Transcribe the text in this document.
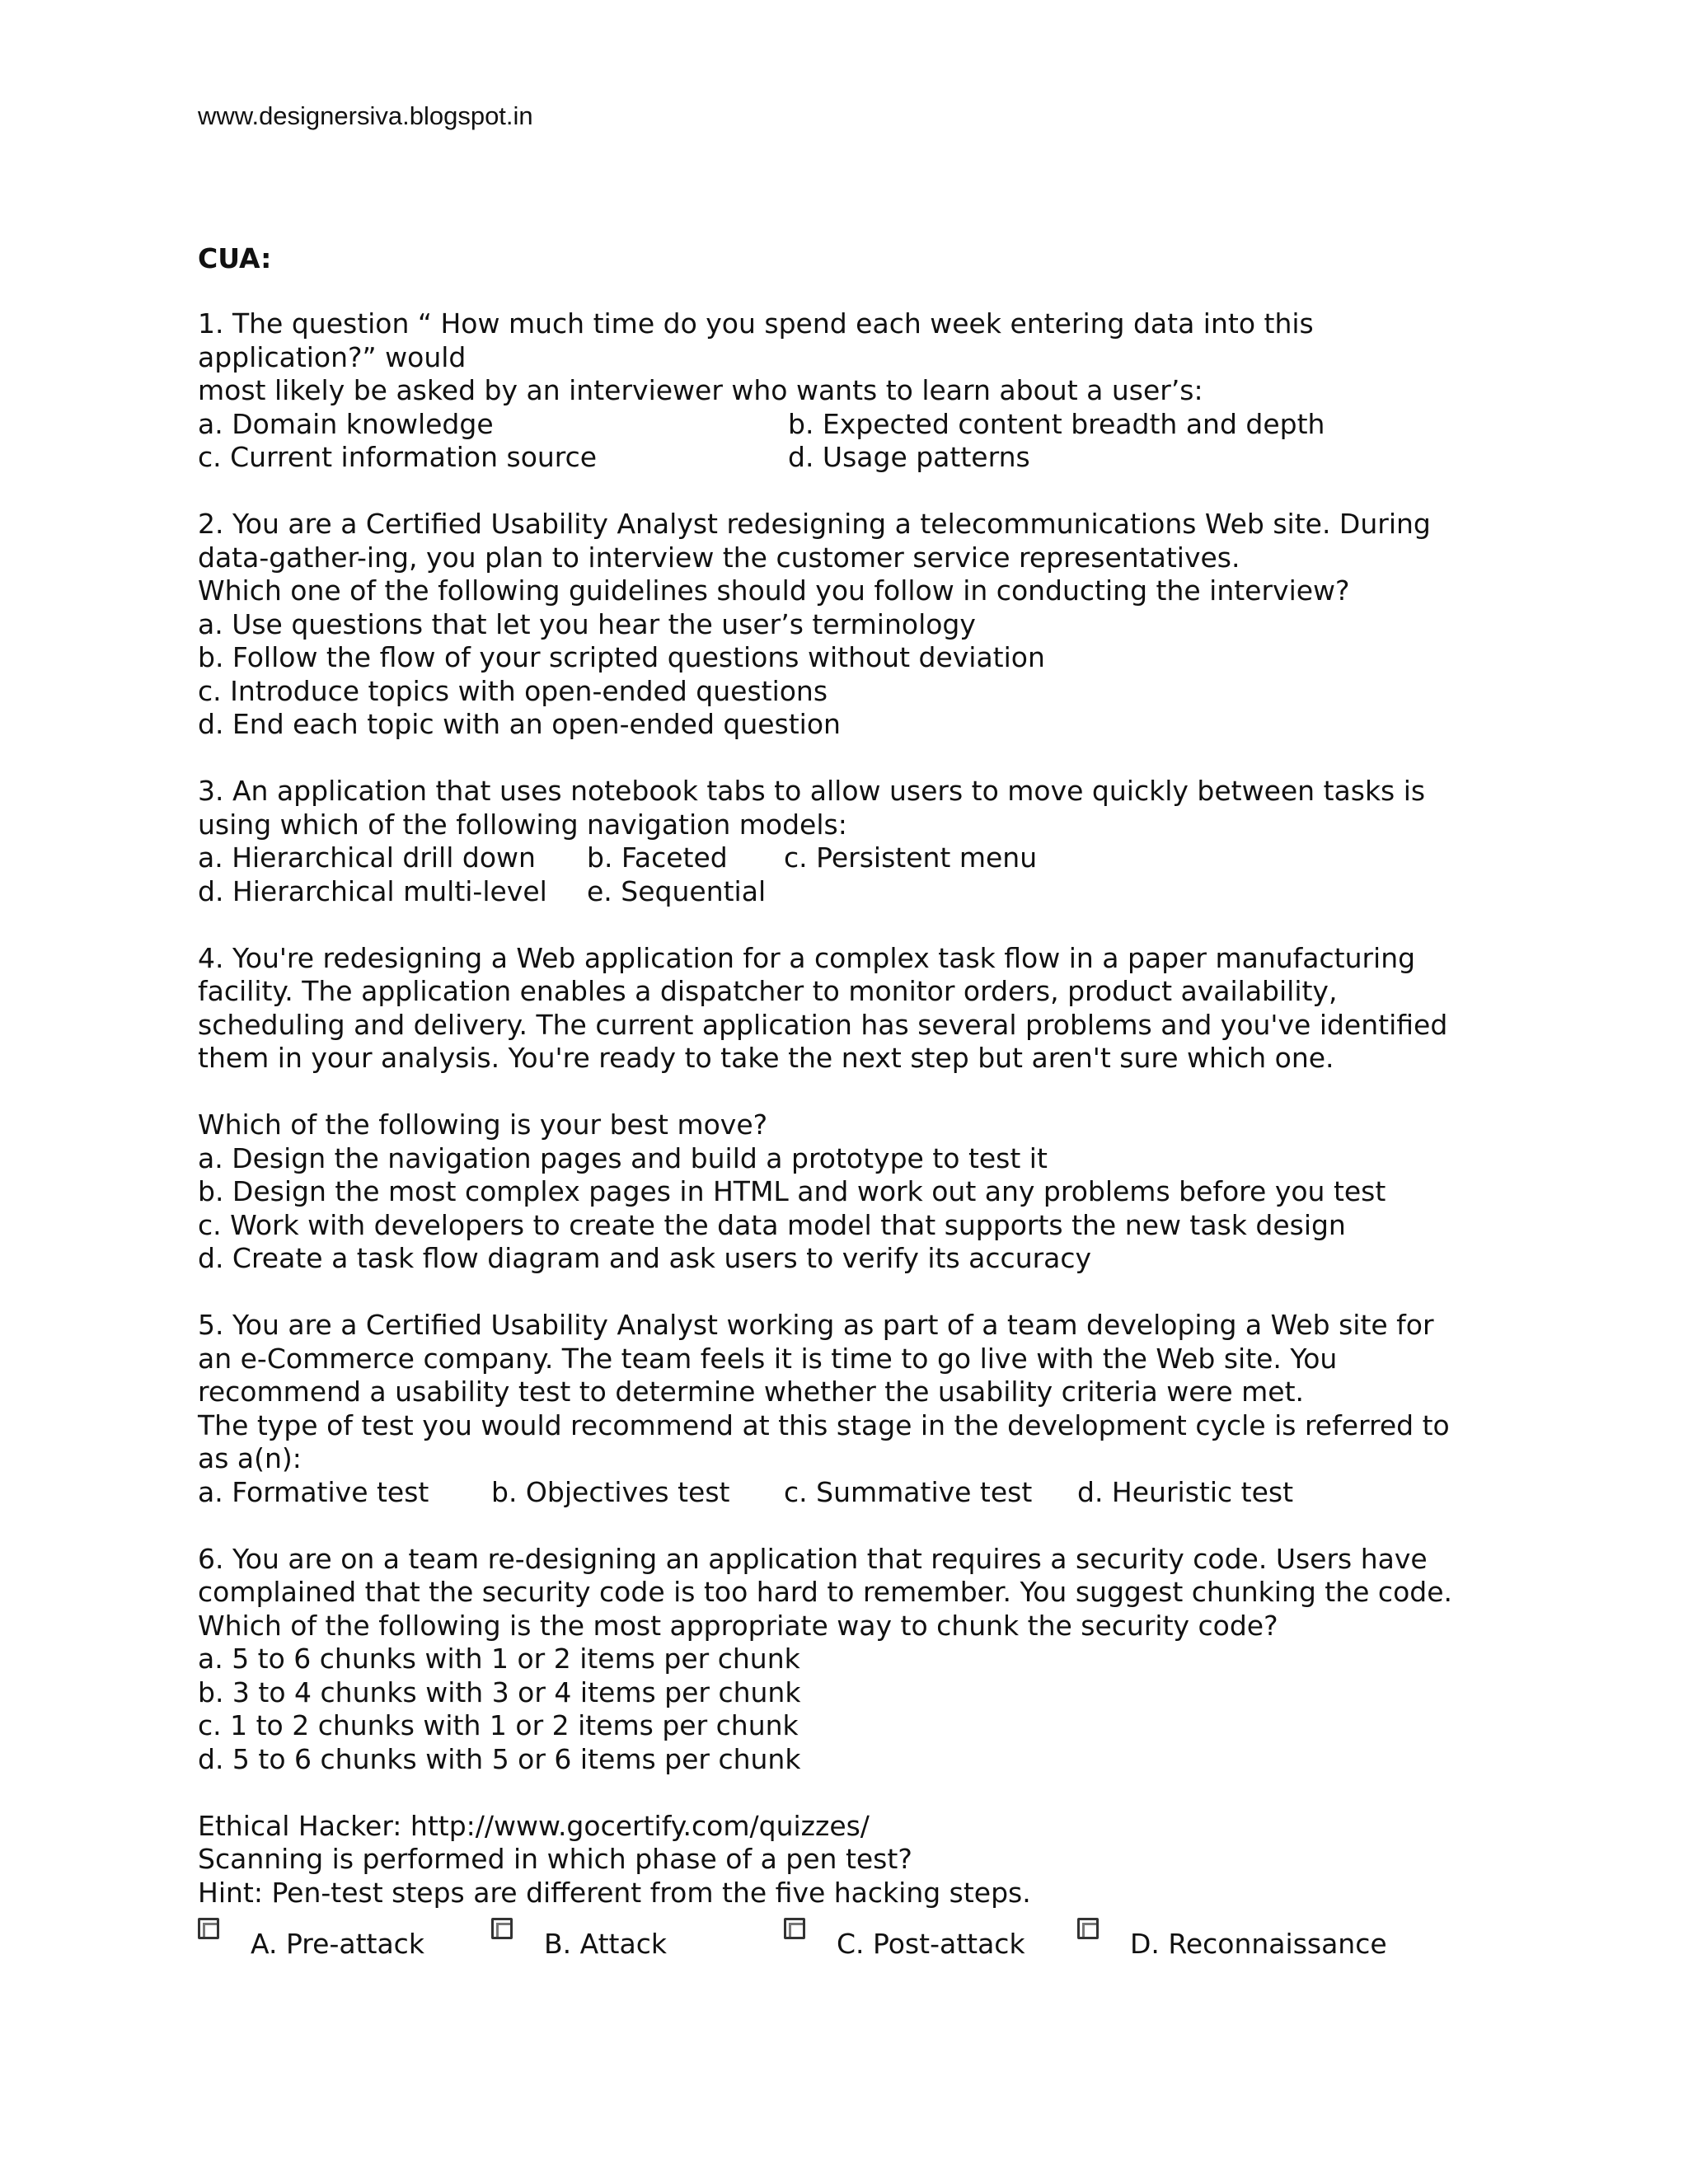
www.designersiva.blogspot.in
CUA:
1. The question “ How much time do you spend each week entering data into this
application?” would
most likely be asked by an interviewer who wants to learn about a user’s:
a. Domain knowledge	b. Expected content breadth and depth
c. Current information source	d. Usage patterns
2. You are a Certified Usability Analyst redesigning a telecommunications Web site. During
data-gather-ing, you plan to interview the customer service representatives.
Which one of the following guidelines should you follow in conducting the interview?
a. Use questions that let you hear the user’s terminology
b. Follow the flow of your scripted questions without deviation
c. Introduce topics with open-ended questions
d. End each topic with an open-ended question
3. An application that uses notebook tabs to allow users to move quickly between tasks is
using which of the following navigation models:
a. Hierarchical drill down b. Faceted c. Persistent menu
d. Hierarchical multi-level e. Sequential
4. You're redesigning a Web application for a complex task flow in a paper manufacturing
facility. The application enables a dispatcher to monitor orders, product availability,
scheduling and delivery. The current application has several problems and you've identified
them in your analysis. You're ready to take the next step but aren't sure which one.
Which of the following is your best move?
a. Design the navigation pages and build a prototype to test it
b. Design the most complex pages in HTML and work out any problems before you test
c. Work with developers to create the data model that supports the new task design
d. Create a task flow diagram and ask users to verify its accuracy
5. You are a Certified Usability Analyst working as part of a team developing a Web site for
an e-Commerce company. The team feels it is time to go live with the Web site. You
recommend a usability test to determine whether the usability criteria were met.
The type of test you would recommend at this stage in the development cycle is referred to
as a(n):
a. Formative test b. Objectives test c. Summative test d. Heuristic test
6. You are on a team re-designing an application that requires a security code. Users have
complained that the security code is too hard to remember. You suggest chunking the code.
Which of the following is the most appropriate way to chunk the security code?
a. 5 to 6 chunks with 1 or 2 items per chunk
b. 3 to 4 chunks with 3 or 4 items per chunk
c. 1 to 2 chunks with 1 or 2 items per chunk
d. 5 to 6 chunks with 5 or 6 items per chunk
Ethical Hacker: http://www.gocertify.com/quizzes/
Scanning is performed in which phase of a pen test?
Hint: Pen-test steps are different from the five hacking steps.
A. Pre-attack	B. Attack	C. Post-attack	D. Reconnaissance
